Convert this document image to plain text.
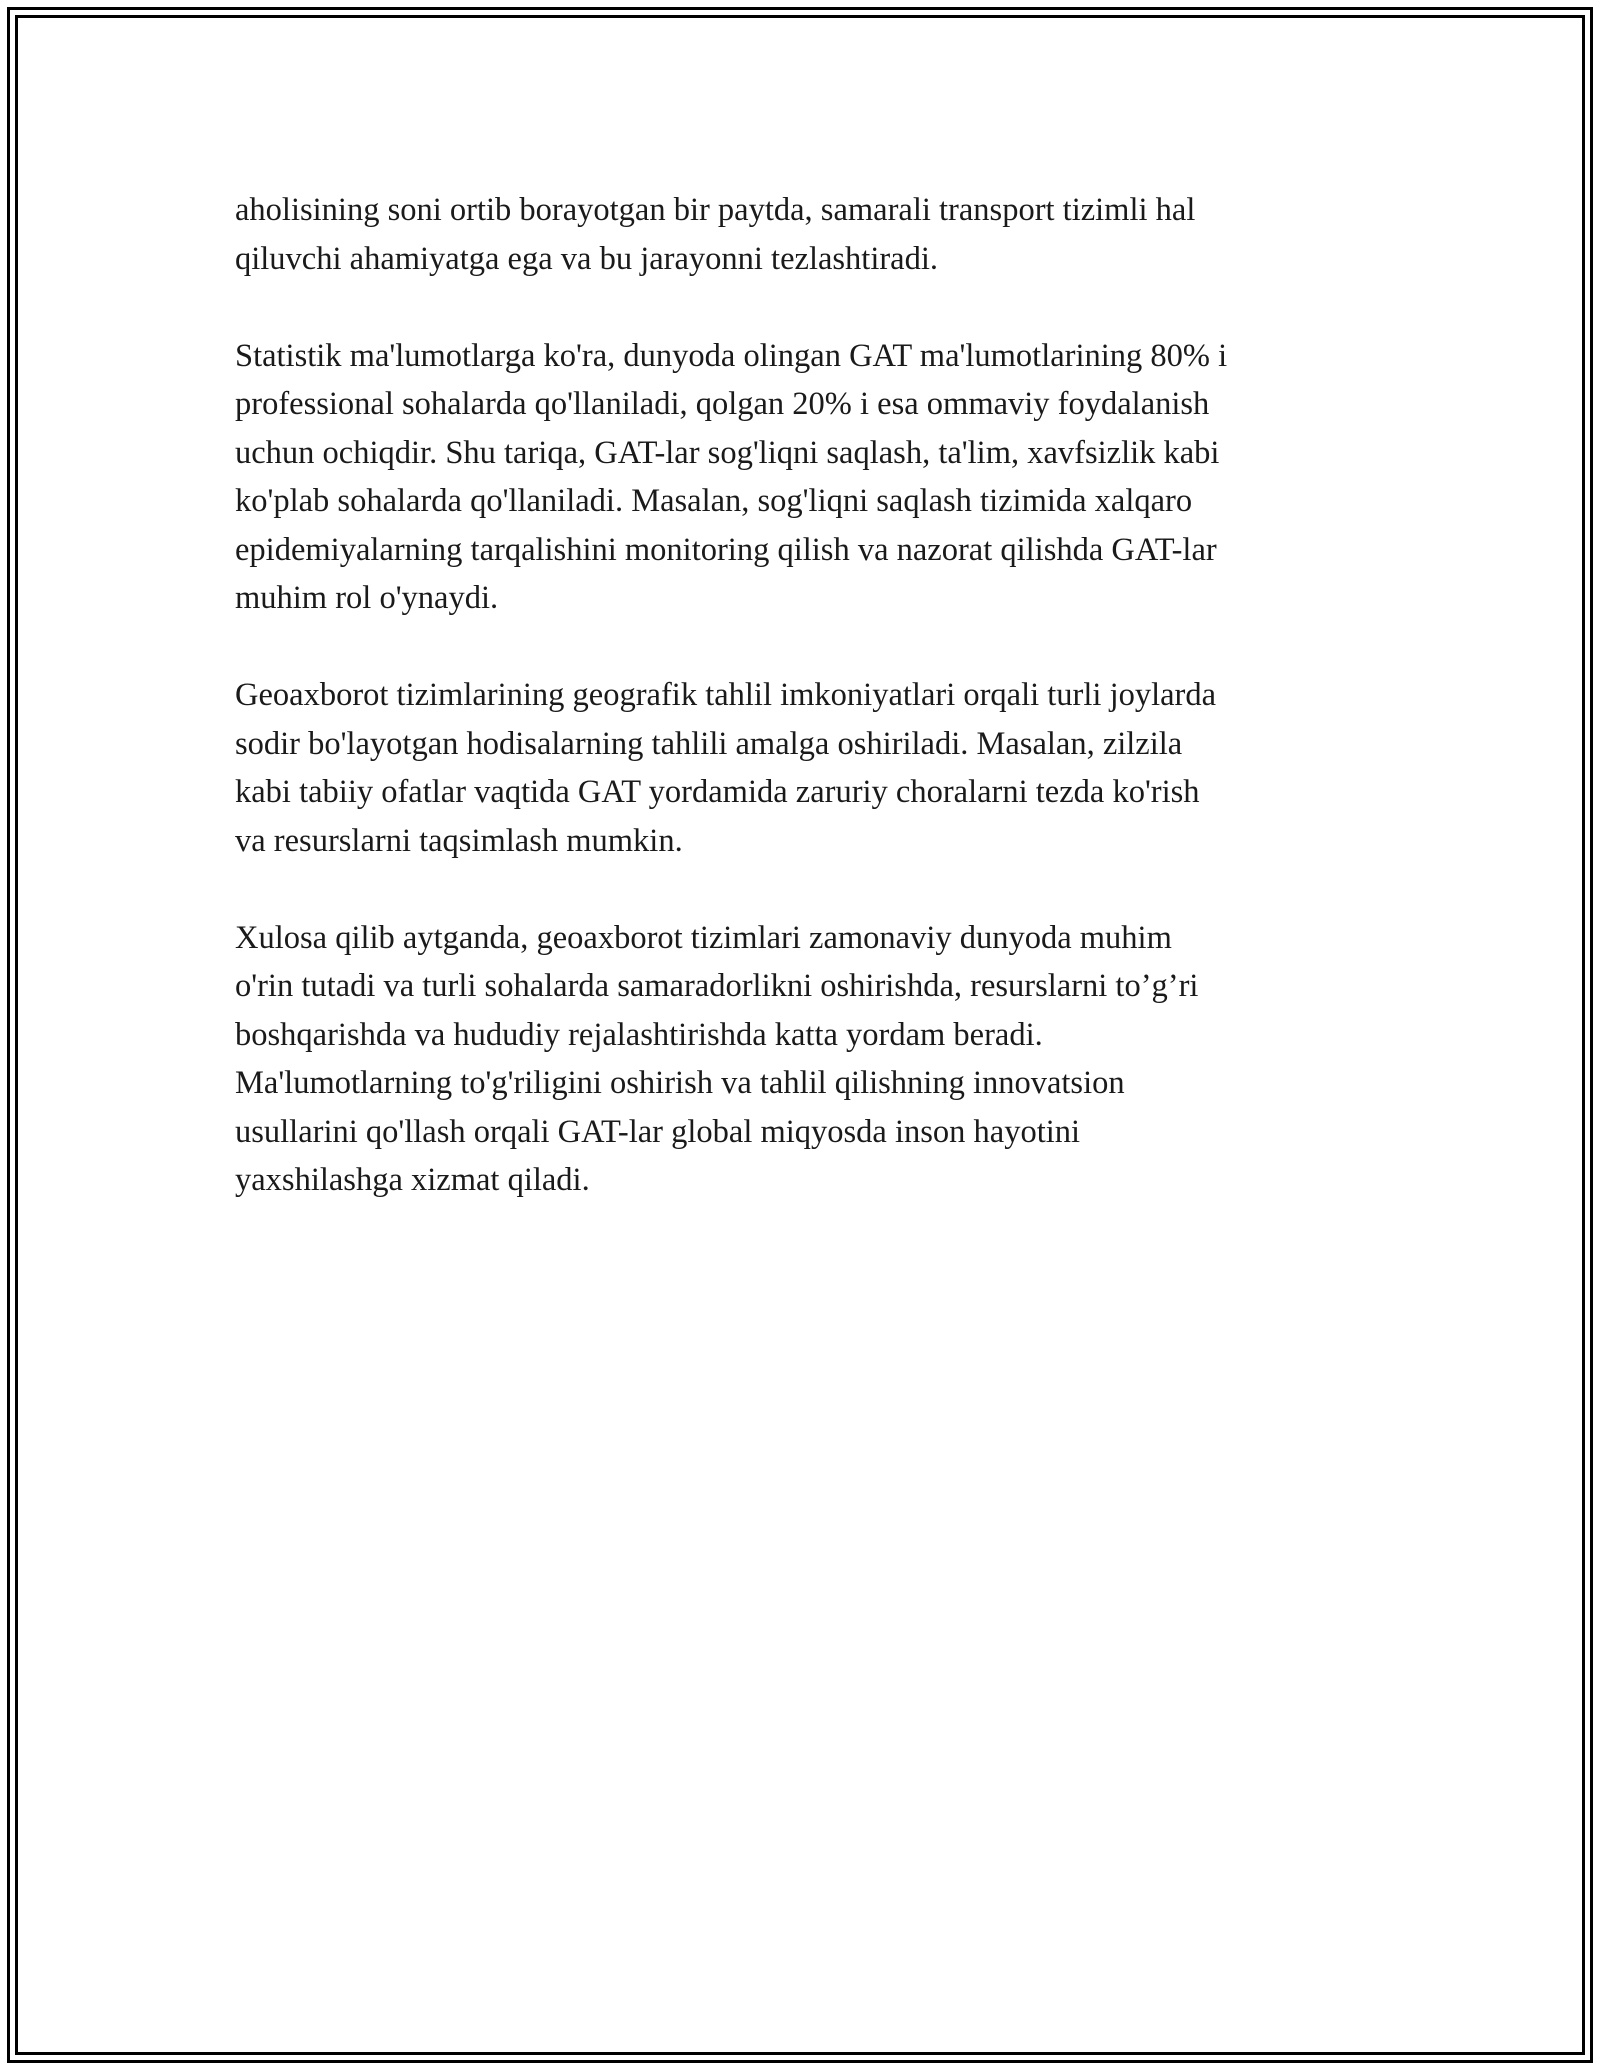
aholisining soni ortib borayotgan bir paytda, samarali transport tizimli hal
qiluvchi ahamiyatga ega va bu jarayonni tezlashtiradi.

Statistik ma'lumotlarga ko'ra, dunyoda olingan GAT ma'lumotlarining 80% i
professional sohalarda qo'llaniladi, qolgan 20% i esa ommaviy foydalanish
uchun ochiqdir. Shu tariqa, GAT-lar sog'liqni saqlash, ta'lim, xavfsizlik kabi
ko'plab sohalarda qo'llaniladi. Masalan, sog'liqni saqlash tizimida xalqaro
epidemiyalarning tarqalishini monitoring qilish va nazorat qilishda GAT-lar
muhim rol o'ynaydi.

Geoaxborot tizimlarining geografik tahlil imkoniyatlari orqali turli joylarda
sodir bo'layotgan hodisalarning tahlili amalga oshiriladi. Masalan, zilzila
kabi tabiiy ofatlar vaqtida GAT yordamida zaruriy choralarni tezda ko'rish
va resurslarni taqsimlash mumkin.

Xulosa qilib aytganda, geoaxborot tizimlari zamonaviy dunyoda muhim
o'rin tutadi va turli sohalarda samaradorlikni oshirishda, resurslarni to’g’ri
boshqarishda va hududiy rejalashtirishda katta yordam beradi.
Ma'lumotlarning to'g'riligini oshirish va tahlil qilishning innovatsion
usullarini qo'llash orqali GAT-lar global miqyosda inson hayotini
yaxshilashga xizmat qiladi.
